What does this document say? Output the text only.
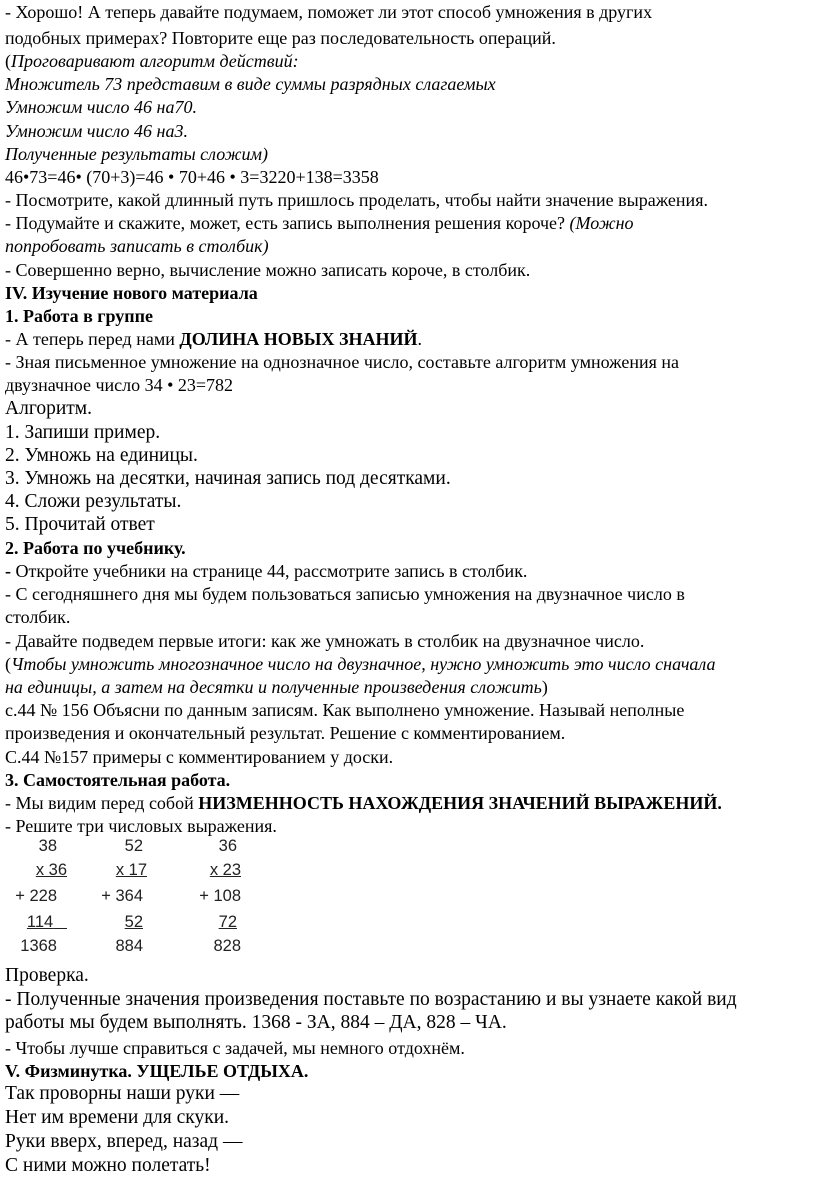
- Хорошо! А теперь давайте подумаем, поможет ли этот способ умножения в других
подобных примерах? Повторите еще раз последовательность операций.
(Проговаривают алгоритм действий:
Множитель 73 представим в виде суммы разрядных слагаемых
Умножим число 46 на70.
Умножим число 46 на3.
Полученные результаты сложим)
46•73=46• (70+3)=46 • 70+46 • 3=3220+138=3358
- Посмотрите, какой длинный путь пришлось проделать, чтобы найти значение выражения.
- Подумайте и скажите, может, есть запись выполнения решения короче? (Можно
попробовать записать в столбик)
- Совершенно верно, вычисление можно записать короче, в столбик.
IV. Изучение нового материала
1. Работа в группе
- А теперь перед нами ДОЛИНА НОВЫХ ЗНАНИЙ.
- Зная письменное умножение на однозначное число, составьте алгоритм умножения на
двузначное число 34 • 23=782
Алгоритм.
1. Запиши пример.
2. Умножь на единицы.
3. Умножь на десятки, начиная запись под десятками.
4. Сложи результаты.
5. Прочитай ответ
2. Работа по учебнику.
- Откройте учебники на странице 44, рассмотрите запись в столбик.
- С сегодняшнего дня мы будем пользоваться записью умножения на двузначное число в
столбик.
- Давайте подведем первые итоги: как же умножать в столбик на двузначное число.
(Чтобы умножить многозначное число на двузначное, нужно умножить это число сначала
на единицы, а затем на десятки и полученные произведения сложить)
с.44 № 156 Объясни по данным записям. Как выполнено умножение. Называй неполные
произведения и окончательный результат. Решение с комментированием.
С.44 №157 примеры с комментированием у доски.
3. Самостоятельная работа.
- Мы видим перед собой НИЗМЕННОСТЬ НАХОЖДЕНИЯ ЗНАЧЕНИЙ ВЫРАЖЕНИЙ.
- Решите три числовых выражения.
38
x 36
+ 228
114
1368
52
x 17
+ 364
52
884
36
x 23
+ 108
72
828
Проверка.
- Полученные значения произведения поставьте по возрастанию и вы узнаете какой вид
работы мы будем выполнять. 1368 - ЗА, 884 – ДА, 828 – ЧА.
- Чтобы лучше справиться с задачей, мы немного отдохнём.
V. Физминутка. УЩЕЛЬЕ ОТДЫХА.
Так проворны наши руки —
Нет им времени для скуки.
Руки вверх, вперед, назад —
С ними можно полетать!
